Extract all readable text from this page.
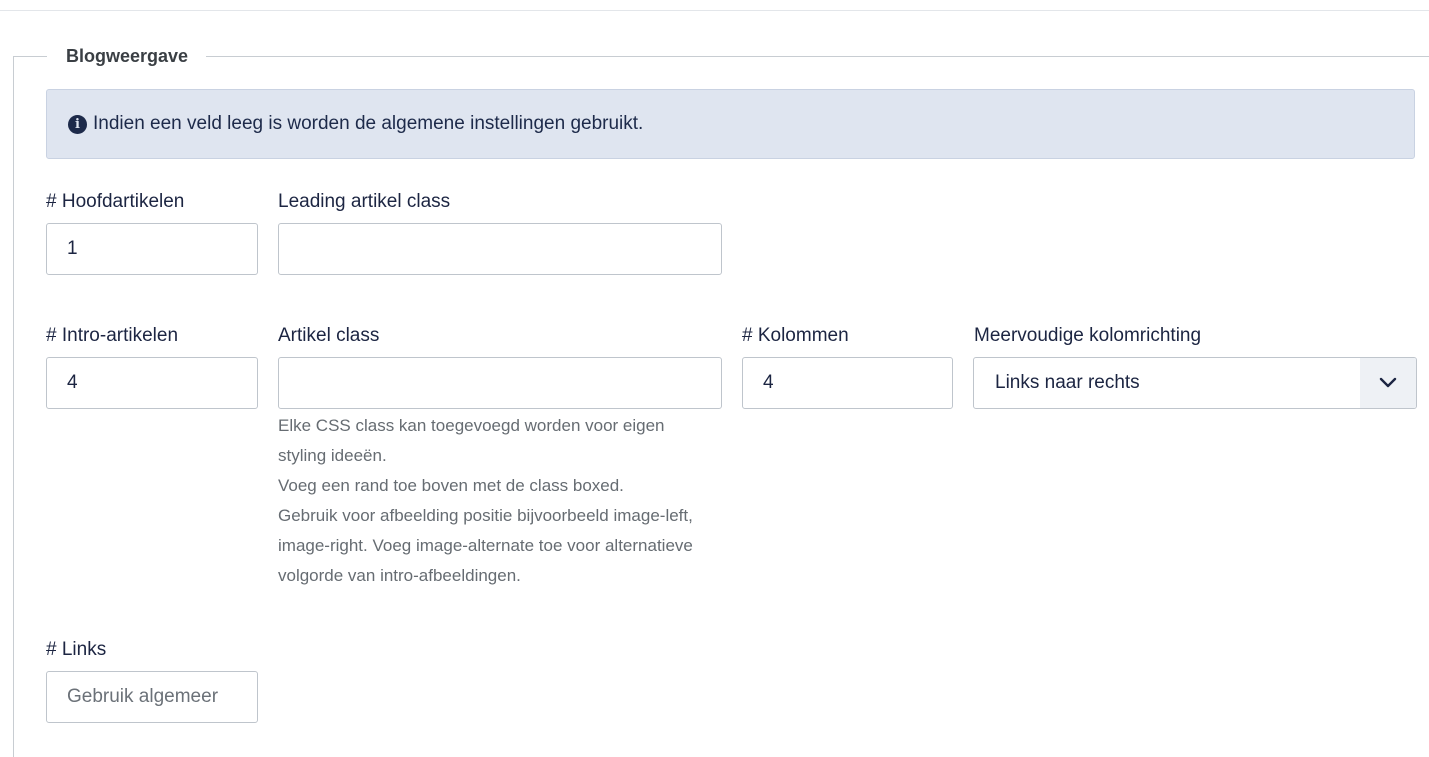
Blogweergave
i Indien een veld leeg is worden de algemene instellingen gebruikt.
# Hoofdartikelen
1
Leading artikel class
# Intro-artikelen
4
Artikel class
Elke CSS class kan toegevoegd worden voor eigen
styling ideeën.
Voeg een rand toe boven met de class boxed.
Gebruik voor afbeelding positie bijvoorbeeld image-left,
image-right. Voeg image-alternate toe voor alternatieve
volgorde van intro-afbeeldingen.
# Kolommen
4
Meervoudige kolomrichting
Links naar rechts
# Links
Gebruik algemeer
